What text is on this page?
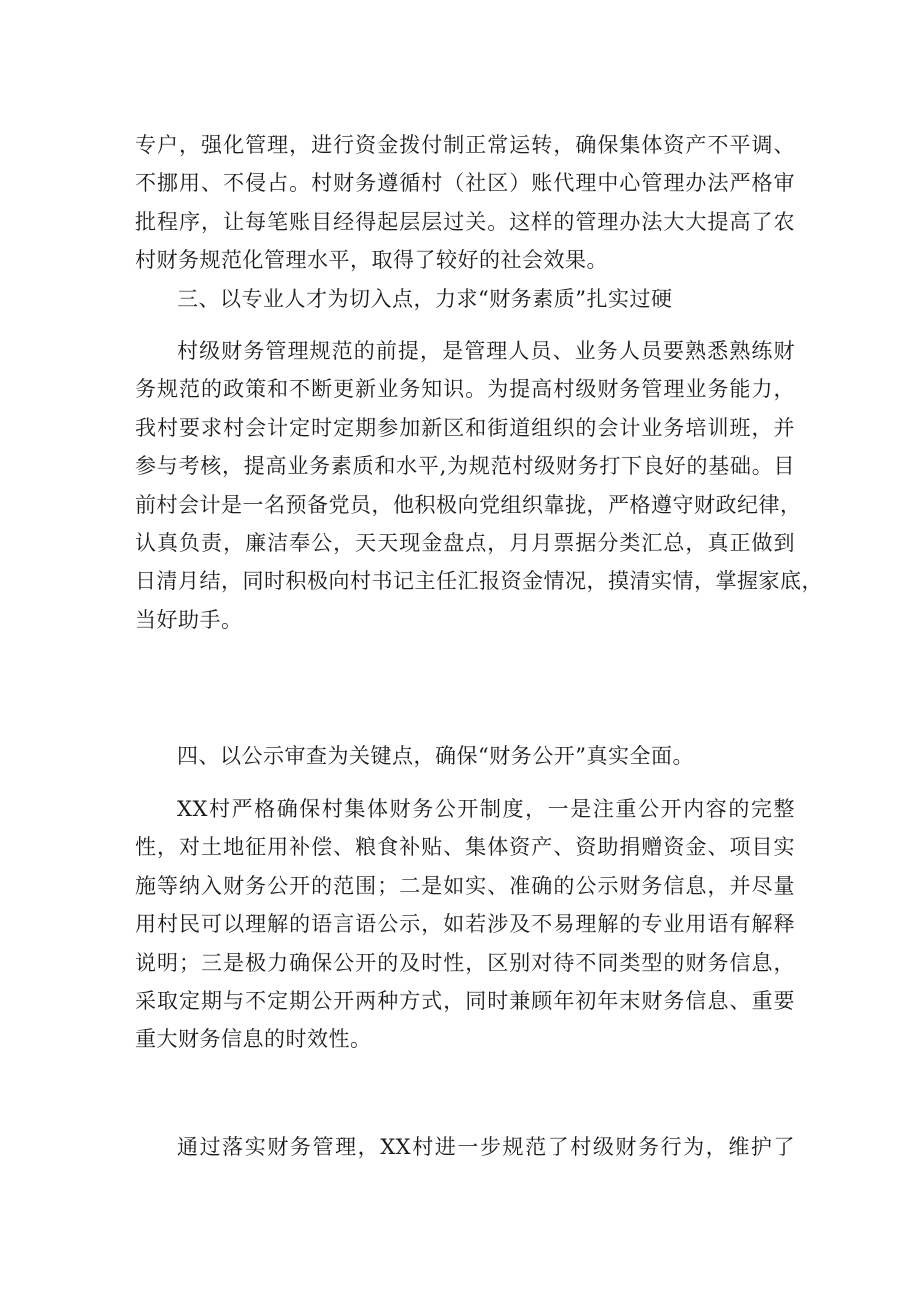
专户，强化管理，进行资金拨付制正常运转，确保集体资产不平调、
不挪用、不侵占。村财务遵循村（社区）账代理中心管理办法严格审
批程序，让每笔账目经得起层层过关。这样的管理办法大大提高了农
村财务规范化管理水平，取得了较好的社会效果。
三、以专业人才为切入点，力求“财务素质”扎实过硬
村级财务管理规范的前提，是管理人员、业务人员要熟悉熟练财
务规范的政策和不断更新业务知识。为提高村级财务管理业务能力，
我村要求村会计定时定期参加新区和街道组织的会计业务培训班，并
参与考核，提高业务素质和水平,为规范村级财务打下良好的基础。目
前村会计是一名预备党员，他积极向党组织靠拢，严格遵守财政纪律，
认真负责，廉洁奉公，天天现金盘点，月月票据分类汇总，真正做到
日清月结，同时积极向村书记主任汇报资金情况，摸清实情，掌握家底，
当好助手。
四、以公示审查为关键点，确保“财务公开”真实全面。
XX村严格确保村集体财务公开制度，一是注重公开内容的完整
性，对土地征用补偿、粮食补贴、集体资产、资助捐赠资金、项目实
施等纳入财务公开的范围；二是如实、准确的公示财务信息，并尽量
用村民可以理解的语言语公示，如若涉及不易理解的专业用语有解释
说明；三是极力确保公开的及时性，区别对待不同类型的财务信息，
采取定期与不定期公开两种方式，同时兼顾年初年末财务信息、重要
重大财务信息的时效性。
通过落实财务管理，XX村进一步规范了村级财务行为，维护了
